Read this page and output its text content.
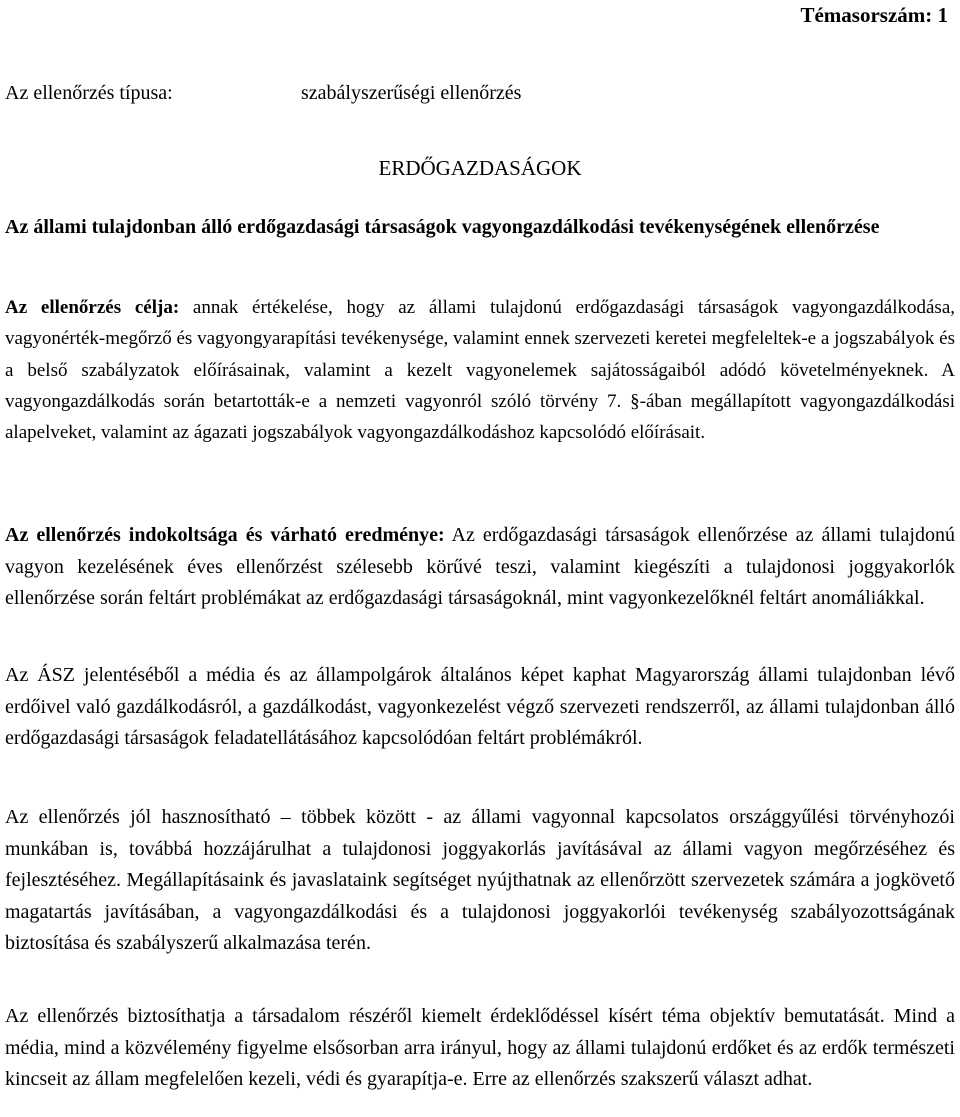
Témasorszám: 1
Az ellenőrzés típusa:	szabályszerűségi ellenőrzés
ERDŐGAZDASÁGOK
Az állami tulajdonban álló erdőgazdasági társaságok vagyongazdálkodási tevékenységének ellenőrzése

Az ellenőrzés célja: annak értékelése, hogy az állami tulajdonú erdőgazdasági társaságok vagyongazdálkodása, vagyonérték-megőrző és vagyongyarapítási tevékenysége, valamint ennek szervezeti keretei megfeleltek-e a jogszabályok és a belső szabályzatok előírásainak, valamint a kezelt vagyonelemek sajátosságaiból adódó követelményeknek. A vagyongazdálkodás során betartották-e a nemzeti vagyonról szóló törvény 7. §-ában megállapított vagyongazdálkodási alapelveket, valamint az ágazati jogszabályok vagyongazdálkodáshoz kapcsolódó előírásait.

Az ellenőrzés indokoltsága és várható eredménye: Az erdőgazdasági társaságok ellenőrzése az állami tulajdonú vagyon kezelésének éves ellenőrzést szélesebb körűvé teszi, valamint kiegészíti a tulajdonosi joggyakorlók ellenőrzése során feltárt problémákat az erdőgazdasági társaságoknál, mint vagyonkezelőknél feltárt anomáliákkal.

Az ÁSZ jelentéséből a média és az állampolgárok általános képet kaphat Magyarország állami tulajdonban lévő erdőivel való gazdálkodásról, a gazdálkodást, vagyonkezelést végző szervezeti rendszerről, az állami tulajdonban álló erdőgazdasági társaságok feladatellátásához kapcsolódóan feltárt problémákról.

Az ellenőrzés jól hasznosítható – többek között - az állami vagyonnal kapcsolatos országgyűlési törvényhozói munkában is, továbbá hozzájárulhat a tulajdonosi joggyakorlás javításával az állami vagyon megőrzéséhez és fejlesztéséhez. Megállapításaink és javaslataink segítséget nyújthatnak az ellenőrzött szervezetek számára a jogkövető magatartás javításában, a vagyongazdálkodási és a tulajdonosi joggyakorlói tevékenység szabályozottságának biztosítása és szabályszerű alkalmazása terén.

Az ellenőrzés biztosíthatja a társadalom részéről kiemelt érdeklődéssel kísért téma objektív bemutatását. Mind a média, mind a közvélemény figyelme elsősorban arra irányul, hogy az állami tulajdonú erdőket és az erdők természeti kincseit az állam megfelelően kezeli, védi és gyarapítja-e. Erre az ellenőrzés szakszerű választ adhat.
